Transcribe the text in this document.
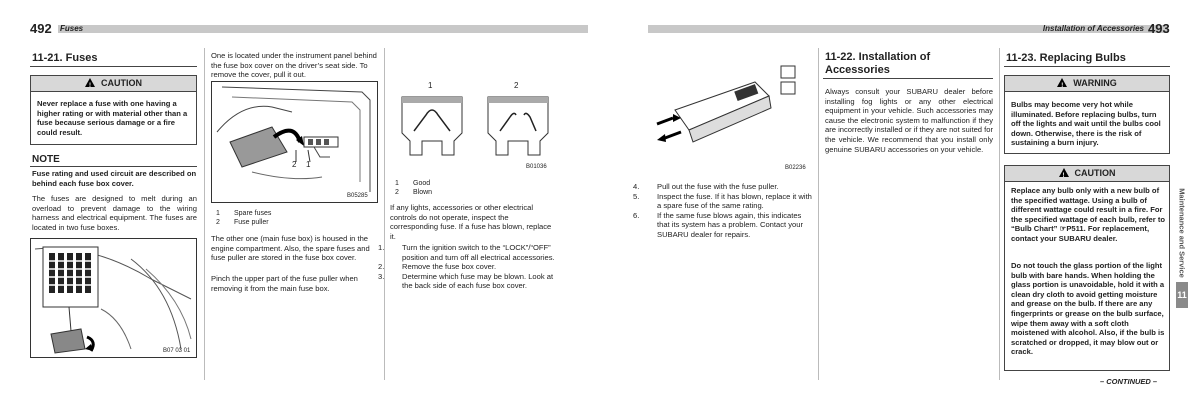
492 Fuses	Installation of Accessories 493
11-21. Fuses
!CAUTION
Never replace a fuse with one having a higher rating or with material other than a fuse because serious damage or a fire could result.
NOTE
Fuse rating and used circuit are described on behind each fuse box cover.
The fuses are designed to melt during an overload to prevent damage to the wiring harness and electrical equipment. The fuses are located in two fuse boxes.
B07 03 01
One is located under the instrument panel behind the fuse box cover on the driver’s seat side. To remove the cover, pull it out.
2 1
B05285
1 Spare fuses
2 Fuse puller
The other one (main fuse box) is housed in the engine compartment. Also, the spare fuses and fuse puller are stored in the fuse box cover.
Pinch the upper part of the fuse puller when removing it from the main fuse box.
1	2
B01036
1 Good
2 Blown
If any lights, accessories or other electrical controls do not operate, inspect the corresponding fuse. If a fuse has blown, replace it.
1. Turn the ignition switch to the “LOCK”/“OFF” position and turn off all electrical accessories.
2. Remove the fuse box cover.
3. Determine which fuse may be blown. Look at the back side of each fuse box cover.
B02236
4. Pull out the fuse with the fuse puller.
5. Inspect the fuse. If it has blown, replace it with a spare fuse of the same rating.
6. If the same fuse blows again, this indicates that its system has a problem. Contact your SUBARU dealer for repairs.
11-22. Installation of Accessories
Always consult your SUBARU dealer before installing fog lights or any other electrical equipment in your vehicle. Such accessories may cause the electronic system to malfunction if they are incorrectly installed or if they are not suited for the vehicle. We recommend that you install only genuine SUBARU accessories on your vehicle.
11-23. Replacing Bulbs
!WARNING
Bulbs may become very hot while illuminated. Before replacing bulbs, turn off the lights and wait until the bulbs cool down. Otherwise, there is the risk of sustaining a burn injury.
!CAUTION
Replace any bulb only with a new bulb of the specified wattage. Using a bulb of different wattage could result in a fire. For the specified wattage of each bulb, refer to “Bulb Chart” ☞P511. For replacement, contact your SUBARU dealer.
Do not touch the glass portion of the light bulb with bare hands. When holding the glass portion is unavoidable, hold it with a clean dry cloth to avoid getting moisture and grease on the bulb. If there are any fingerprints or grease on the bulb surface, wipe them away with a soft cloth moistened with alcohol. Also, if the bulb is scratched or dropped, it may blow out or crack.
– CONTINUED –
Maintenance and Service
11
